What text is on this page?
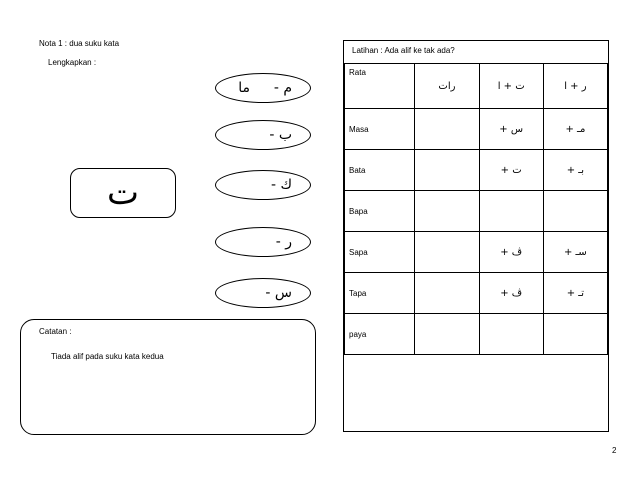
Nota 1 : dua suku kata
Lengkapkan :
ت
م -
ما
ب -
ك -
ر -
س -
Catatan :
Tiada alif pada suku kata kedua
Latihan : Ada alif ke tak ada?
Rata	رات	ت + ا	ر + ا
Masa		س +	مـ +
Bata		ت +	بـ +
Bapa			
Sapa		ڤ +	سـ +
Tapa		ڤ +	تـ +
paya			
2
